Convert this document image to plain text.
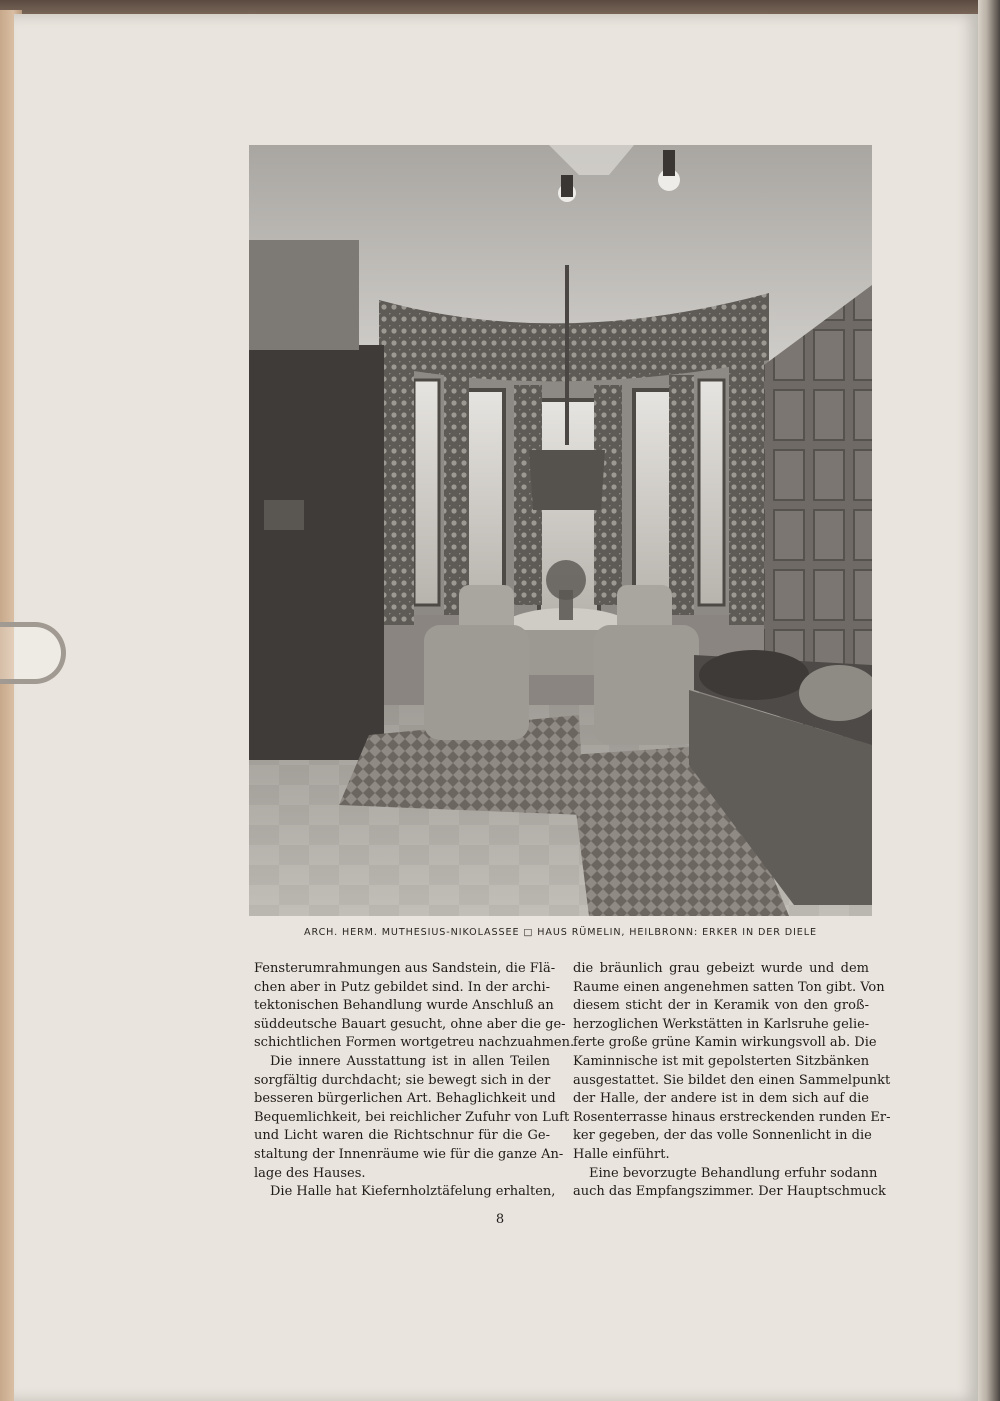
ARCH. HERM. MUTHESIUS-NIKOLASSEE □ HAUS RÜMELIN, HEILBRONN: ERKER IN DER DIELE
Fensterumrahmungen aus Sandstein, die Flä-
chen aber in Putz gebildet sind. In der archi-
tektonischen Behandlung wurde Anschluß an
süddeutsche Bauart gesucht, ohne aber die ge-
schichtlichen Formen wortgetreu nachzuahmen.
Die innere Ausstattung ist in allen Teilen
sorgfältig durchdacht; sie bewegt sich in der
besseren bürgerlichen Art. Behaglichkeit und
Bequemlichkeit, bei reichlicher Zufuhr von Luft
und Licht waren die Richtschnur für die Ge-
staltung der Innenräume wie für die ganze An-
lage des Hauses.
Die Halle hat Kiefernholztäfelung erhalten,
die bräunlich grau gebeizt wurde und dem
Raume einen angenehmen satten Ton gibt. Von
diesem sticht der in Keramik von den groß-
herzoglichen Werkstätten in Karlsruhe gelie-
ferte große grüne Kamin wirkungsvoll ab. Die
Kaminnische ist mit gepolsterten Sitzbänken
ausgestattet. Sie bildet den einen Sammelpunkt
der Halle, der andere ist in dem sich auf die
Rosenterrasse hinaus erstreckenden runden Er-
ker gegeben, der das volle Sonnenlicht in die
Halle einführt.
Eine bevorzugte Behandlung erfuhr sodann
auch das Empfangszimmer. Der Hauptschmuck
8
